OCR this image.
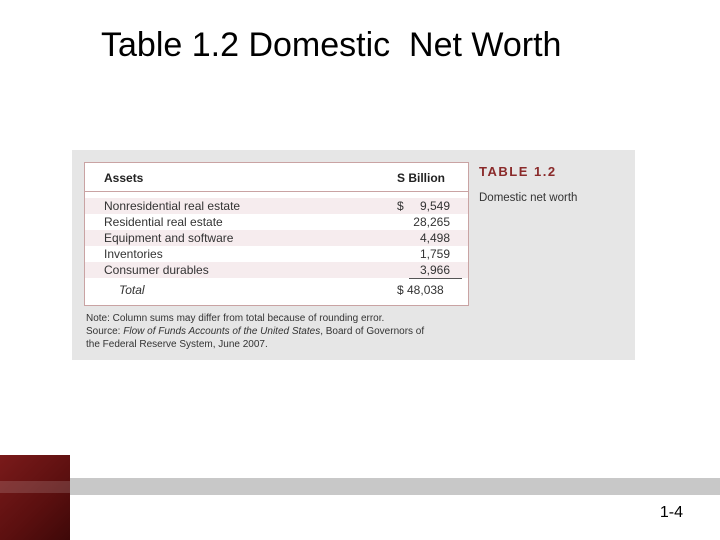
Table 1.2 Domestic  Net Worth
Assets	S Billion
Nonresidential real estate	$ 9,549
Residential real estate	28,265
Equipment and software	4,498
Inventories	1,759
Consumer durables	3,966
Total	$ 48,038
TABLE 1.2
Domestic net worth
Note: Column sums may differ from total because of rounding error.
Source: Flow of Funds Accounts of the United States, Board of Governors of
the Federal Reserve System, June 2007.
1-4
